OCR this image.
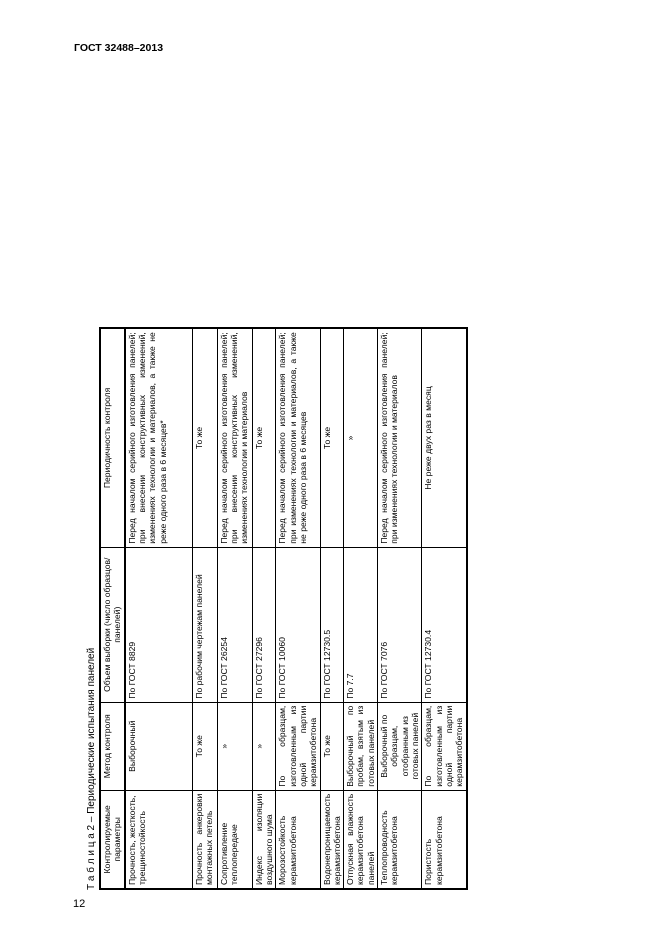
ГОСТ 32488–2013
Т а б л и ц а 2 – Периодические испытания панелей Контролируемые параметры	Метод контроля	Объем выборки (число образцов/панелей)	Периодичность контроля
Прочность, жесткость, трещиностойкость	Выборочный	По ГОСТ 8829	Перед началом серийного изготовления панелей; при внесении конструктивных изменений, изменениях технологии и материалов, а также не реже одного раза в 6 месяцев*
Прочность анкеровки монтажных петель	То же	По рабочим чертежам панелей	То же
Сопротивление теплопередаче	»	По ГОСТ 26254	Перед началом серийного изготовления панелей; при внесении конструктивных изменений, изменениях технологии и материалов
Индекс изоляции воздушного шума	»	По ГОСТ 27296	То же
Морозостойкость керамзитобетона	По образцам, изготовленным из одной партии керамзитобетона	По ГОСТ 10060	Перед началом серийного изготовления панелей; при изменениях технологии и материалов, а также не реже одного раза в 6 месяцев
Водонепроницаемость керамзитобетона	То же	По ГОСТ 12730.5	То же
Отпускная влажность керамзитобетона панелей	Выборочный по пробам, взятым из готовых панелей	По 7.7	»
Теплопроводность керамзитобетона	Выборочный по образцам, отобранным из готовых панелей	По ГОСТ 7076	Перед началом серийного изготовления панелей; при изменениях технологии и материалов
Пористость керамзитобетона	По образцам, изготовленным из одной партии керамзитобетона	По ГОСТ 12730.4	Не реже двух раз в месяц
12
